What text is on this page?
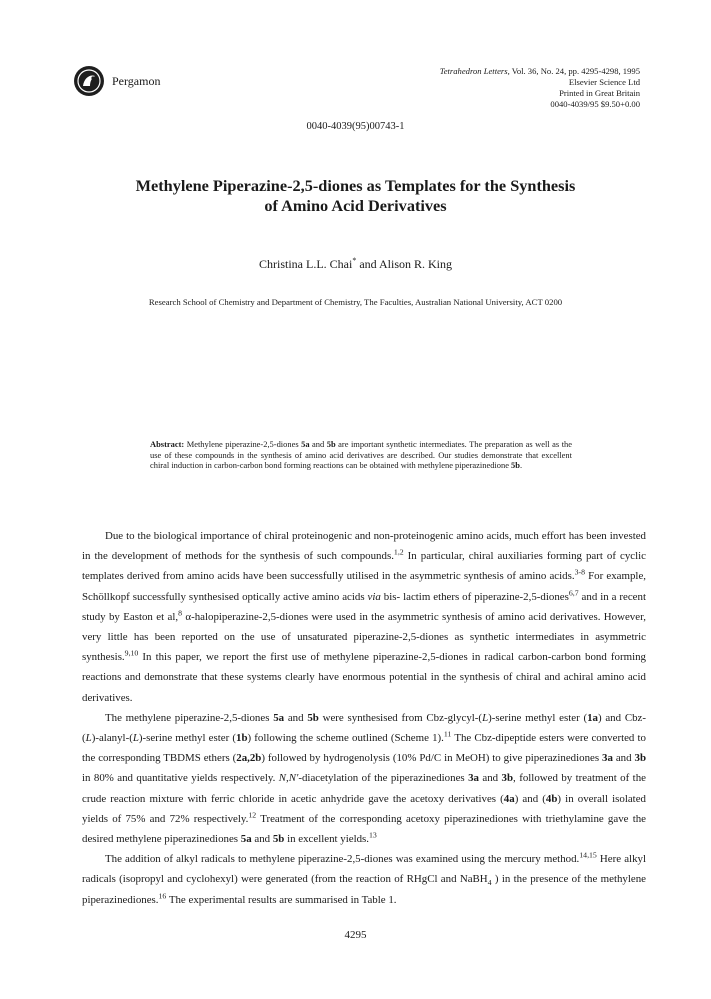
Pergamon
Tetrahedron Letters, Vol. 36, No. 24, pp. 4295-4298, 1995
Elsevier Science Ltd
Printed in Great Britain
0040-4039/95 $9.50+0.00
0040-4039(95)00743-1
Methylene Piperazine-2,5-diones as Templates for the Synthesis
of Amino Acid Derivatives
Christina L.L. Chai* and Alison R. King
Research School of Chemistry and Department of Chemistry, The Faculties, Australian National University, ACT 0200
Abstract: Methylene piperazine-2,5-diones 5a and 5b are important synthetic intermediates. The preparation as well as the use of these compounds in the synthesis of amino acid derivatives are described. Our studies demonstrate that excellent chiral induction in carbon-carbon bond forming reactions can be obtained with methylene piperazinedione 5b.

Due to the biological importance of chiral proteinogenic and non-proteinogenic amino acids, much effort has been invested in the development of methods for the synthesis of such compounds.$^{1,2}$ In particular, chiral auxiliaries forming part of cyclic templates derived from amino acids have been successfully utilised in the asymmetric synthesis of amino acids.$^{3-8}$ For example, Schöllkopf successfully synthesised optically active amino acids via bis- lactim ethers of piperazine-2,5-diones$^{6,7}$ and in a recent study by Easton et al,$^8$ α-halopiperazine-2,5-diones were used in the asymmetric synthesis of amino acid derivatives. However, very little has been reported on the use of unsaturated piperazine-2,5-diones as synthetic intermediates in asymmetric synthesis.$^{9,10}$ In this paper, we report the first use of methylene piperazine-2,5-diones in radical carbon-carbon bond forming reactions and demonstrate that these systems clearly have enormous potential in the synthesis of chiral and achiral amino acid derivatives.

The methylene piperazine-2,5-diones 5a and 5b were synthesised from Cbz-glycyl-(L)-serine methyl ester (1a) and Cbz-(L)-alanyl-(L)-serine methyl ester (1b) following the scheme outlined (Scheme 1).$^{11}$ The Cbz-dipeptide esters were converted to the corresponding TBDMS ethers (2a,2b) followed by hydrogenolysis (10% Pd/C in MeOH) to give piperazinediones 3a and 3b in 80% and quantitative yields respectively. N,N'-diacetylation of the piperazinediones 3a and 3b, followed by treatment of the crude reaction mixture with ferric chloride in acetic anhydride gave the acetoxy derivatives (4a) and (4b) in overall isolated yields of 75% and 72% respectively.$^{12}$ Treatment of the corresponding acetoxy piperazinediones with triethylamine gave the desired methylene piperazinediones 5a and 5b in excellent yields.$^{13}$

The addition of alkyl radicals to methylene piperazine-2,5-diones was examined using the mercury method.$^{14,15}$ Here alkyl radicals (isopropyl and cyclohexyl) were generated (from the reaction of RHgCl and NaBH$_4$ ) in the presence of the methylene piperazinediones.$^{16}$ The experimental results are summarised in Table 1.

4295
